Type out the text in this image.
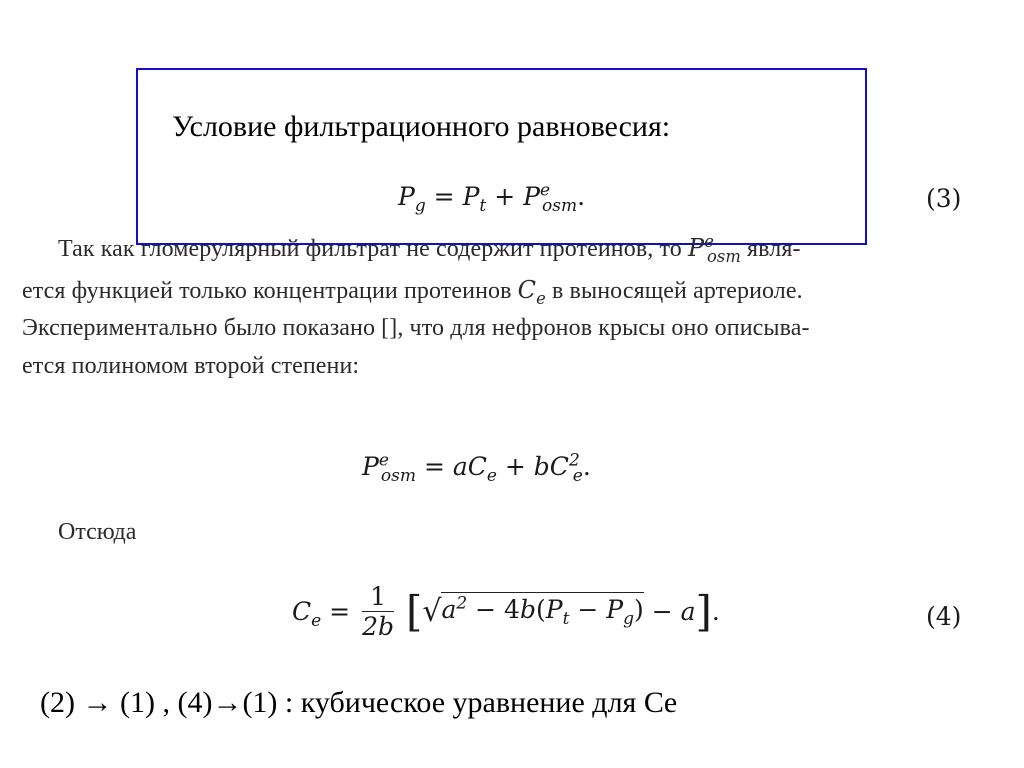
Условие фильтрационного равновесия:
$P_g = P_t + P^e_{osm}$.	(3)
Так как гломерулярный фильтрат не содержит протеинов, то $P^e_{osm}$ явля-
ется функцией только концентрации протеинов $C_e$ в выносящей артериоле.
Экспериментально было показано [], что для нефронов крысы оно описыва-
ется полиномом второй степени:
$P^e_{osm} = aC_e + bC^2_e$.
Отсюда
$C_e = \frac{1}{2b} [√a^2 - 4b(P_t - P_g) - a]$.	(4)
(2) → (1) , (4)→(1) : кубическое уравнение для Ce
